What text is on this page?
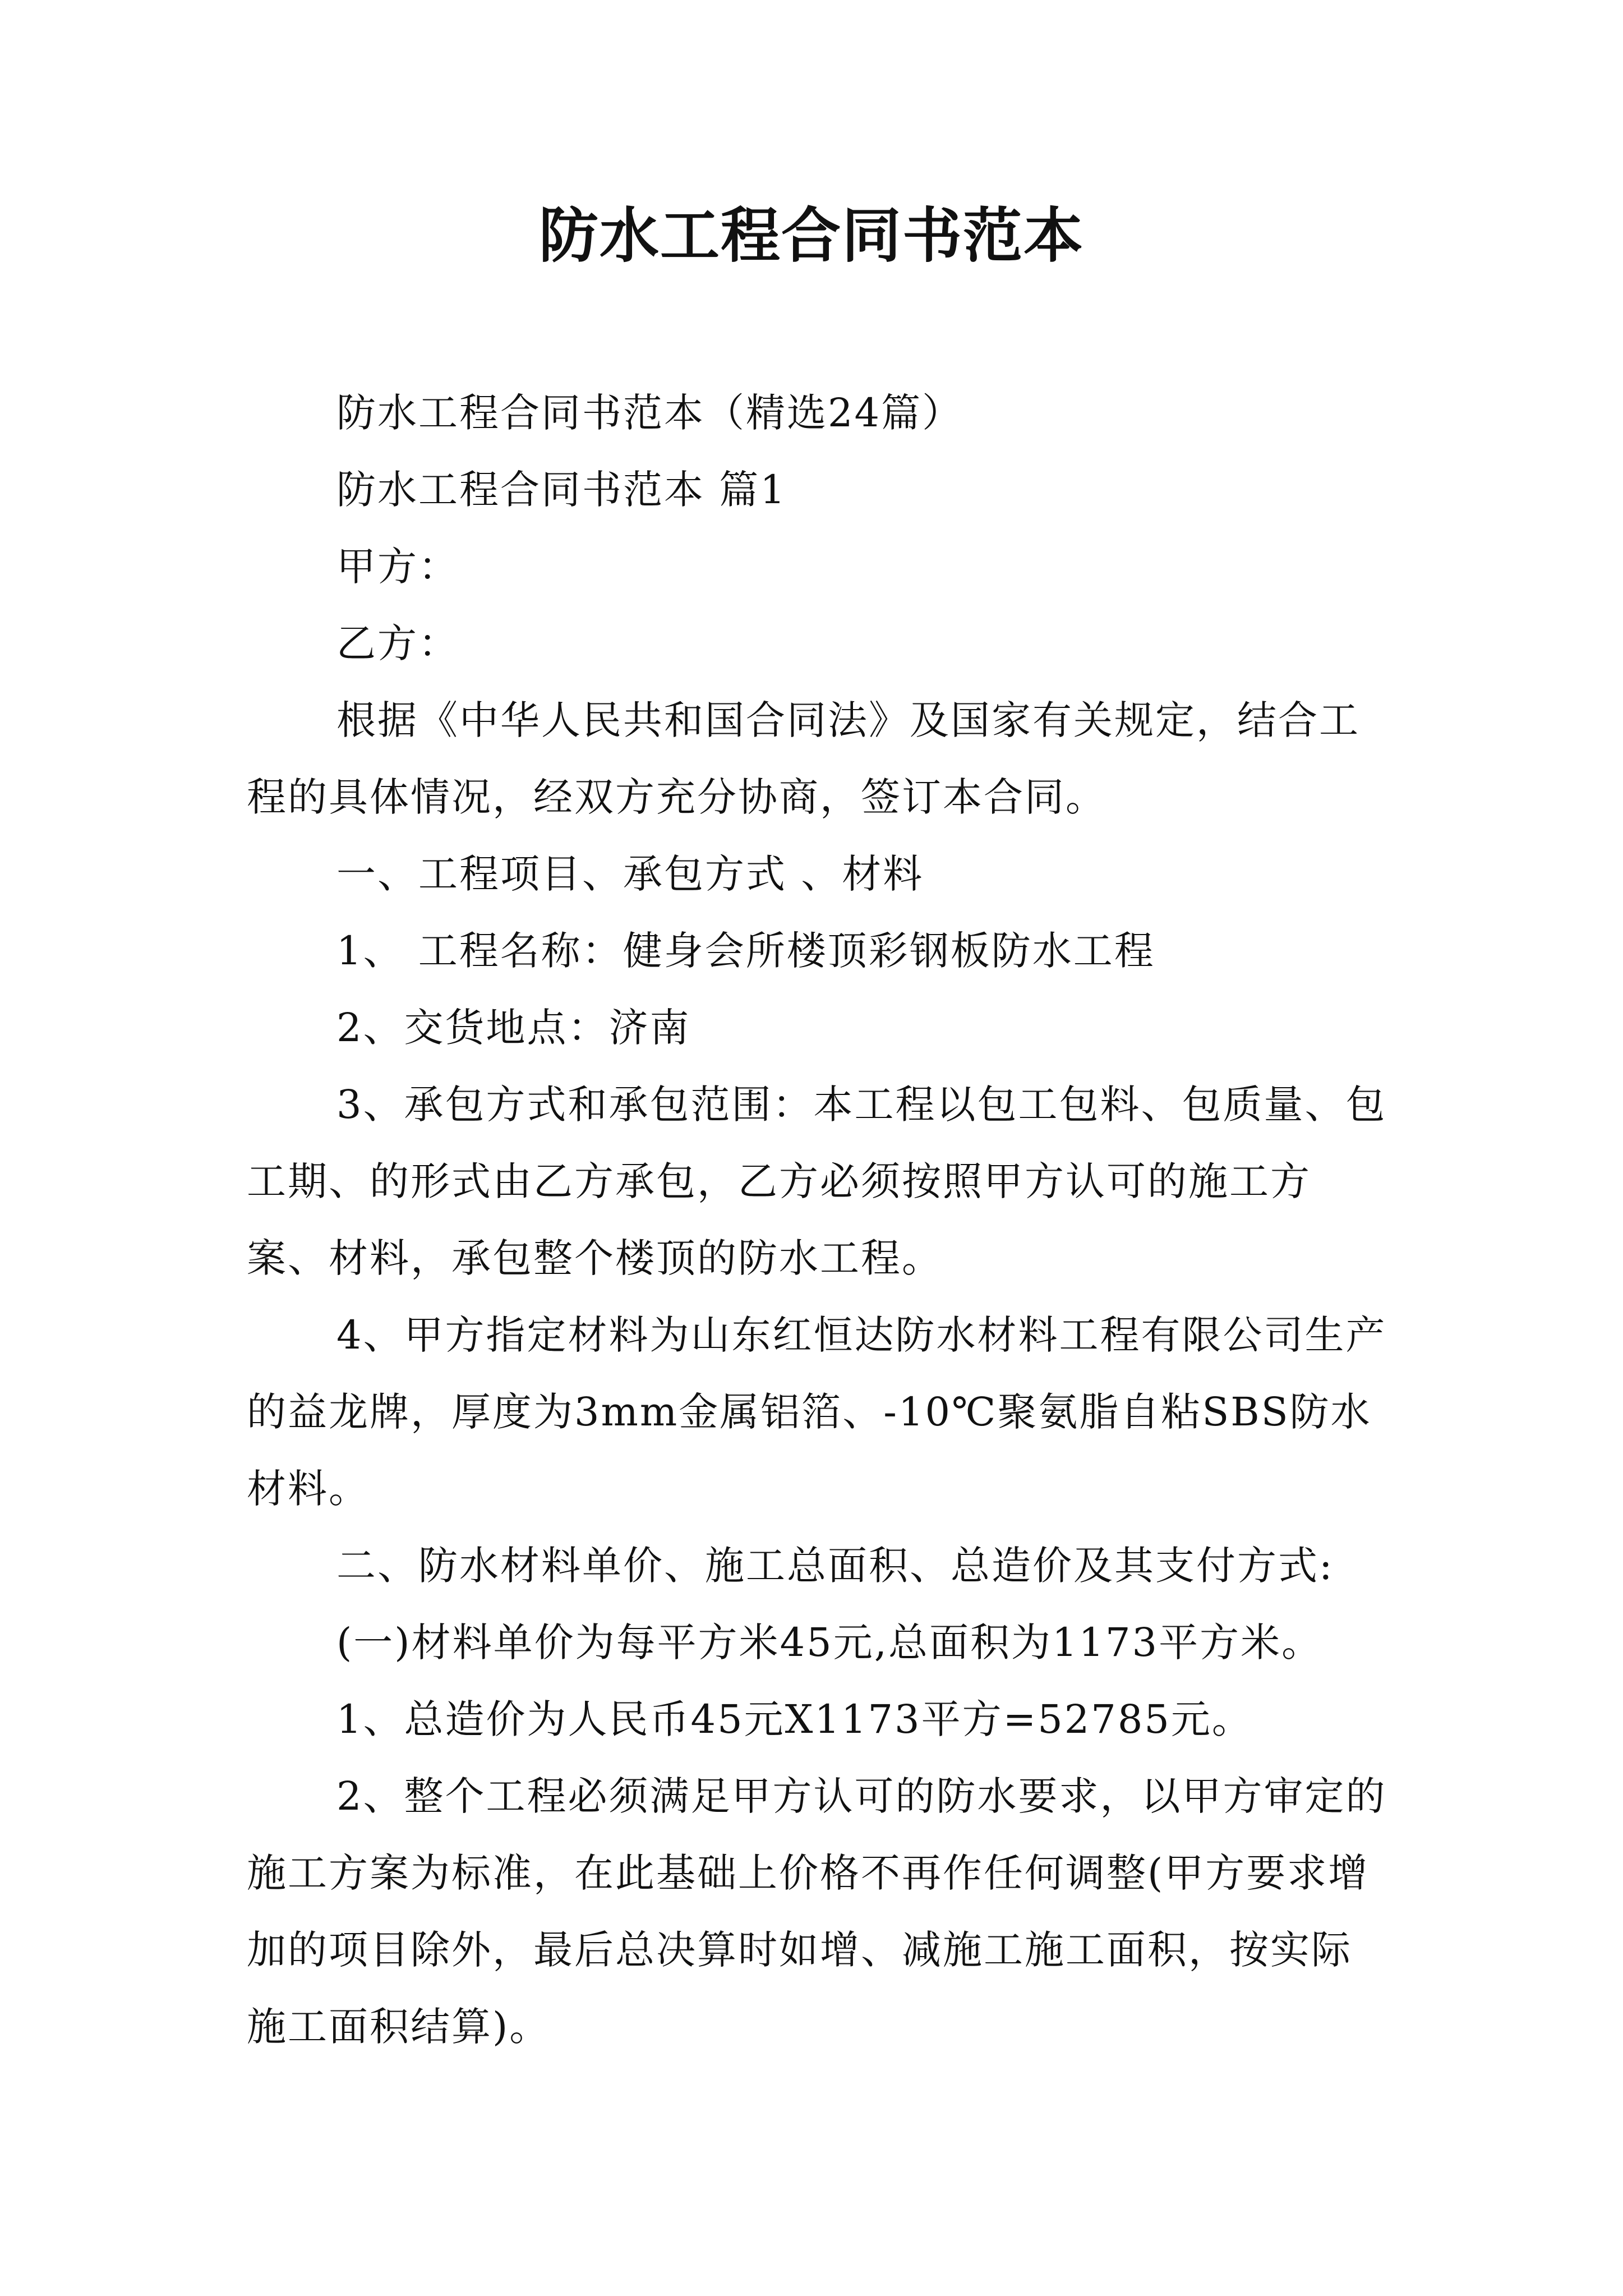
防水工程合同书范本

防水工程合同书范本（精选24篇）

防水工程合同书范本 篇1

甲方：

乙方：

根据《中华人民共和国合同法》及国家有关规定，结合工程的具体情况，经双方充分协商，签订本合同。

一、工程项目、承包方式 、材料

1、 工程名称：健身会所楼顶彩钢板防水工程

2、交货地点：济南

3、承包方式和承包范围：本工程以包工包料、包质量、包工期、的形式由乙方承包，乙方必须按照甲方认可的施工方案、材料，承包整个楼顶的防水工程。

4、甲方指定材料为山东红恒达防水材料工程有限公司生产的益龙牌，厚度为3mm金属铝箔、-10℃聚氨脂自粘SBS防水材料。

二、防水材料单价、施工总面积、总造价及其支付方式:

(一)材料单价为每平方米45元,总面积为1173平方米。

1、总造价为人民币45元X1173平方=52785元。

2、整个工程必须满足甲方认可的防水要求，以甲方审定的施工方案为标准，在此基础上价格不再作任何调整(甲方要求增加的项目除外，最后总决算时如增、减施工施工面积，按实际施工面积结算)。
